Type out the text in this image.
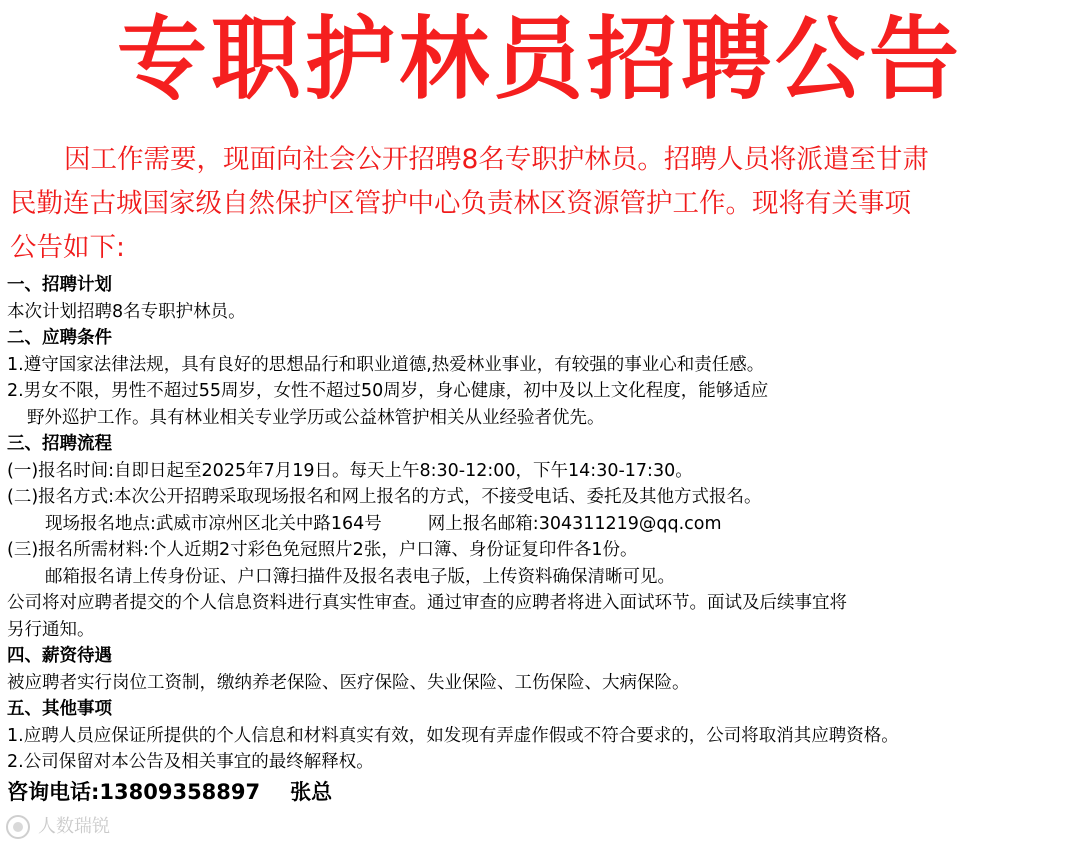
专职护林员招聘公告
因工作需要，现面向社会公开招聘8名专职护林员。招聘人员将派遣至甘肃
民勤连古城国家级自然保护区管护中心负责林区资源管护工作。现将有关事项
公告如下:
一、招聘计划
本次计划招聘8名专职护林员。
二、应聘条件
1.遵守国家法律法规，具有良好的思想品行和职业道德,热爱林业事业，有较强的事业心和责任感。
2.男女不限，男性不超过55周岁，女性不超过50周岁，身心健康，初中及以上文化程度，能够适应
野外巡护工作。具有林业相关专业学历或公益林管护相关从业经验者优先。
三、招聘流程
(一)报名时间:自即日起至2025年7月19日。每天上午8:30-12:00，下午14:30-17:30。
(二)报名方式:本次公开招聘采取现场报名和网上报名的方式，不接受电话、委托及其他方式报名。
现场报名地点:武威市凉州区北关中路164号	网上报名邮箱:304311219@qq.com
(三)报名所需材料:个人近期2寸彩色免冠照片2张，户口簿、身份证复印件各1份。
邮箱报名请上传身份证、户口簿扫描件及报名表电子版，上传资料确保清晰可见。
公司将对应聘者提交的个人信息资料进行真实性审查。通过审查的应聘者将进入面试环节。面试及后续事宜将
另行通知。
四、薪资待遇
被应聘者实行岗位工资制，缴纳养老保险、医疗保险、失业保险、工伤保险、大病保险。
五、其他事项
1.应聘人员应保证所提供的个人信息和材料真实有效，如发现有弄虚作假或不符合要求的，公司将取消其应聘资格。
2.公司保留对本公告及相关事宜的最终解释权。
咨询电话:13809358897 张总
人数瑞锐
